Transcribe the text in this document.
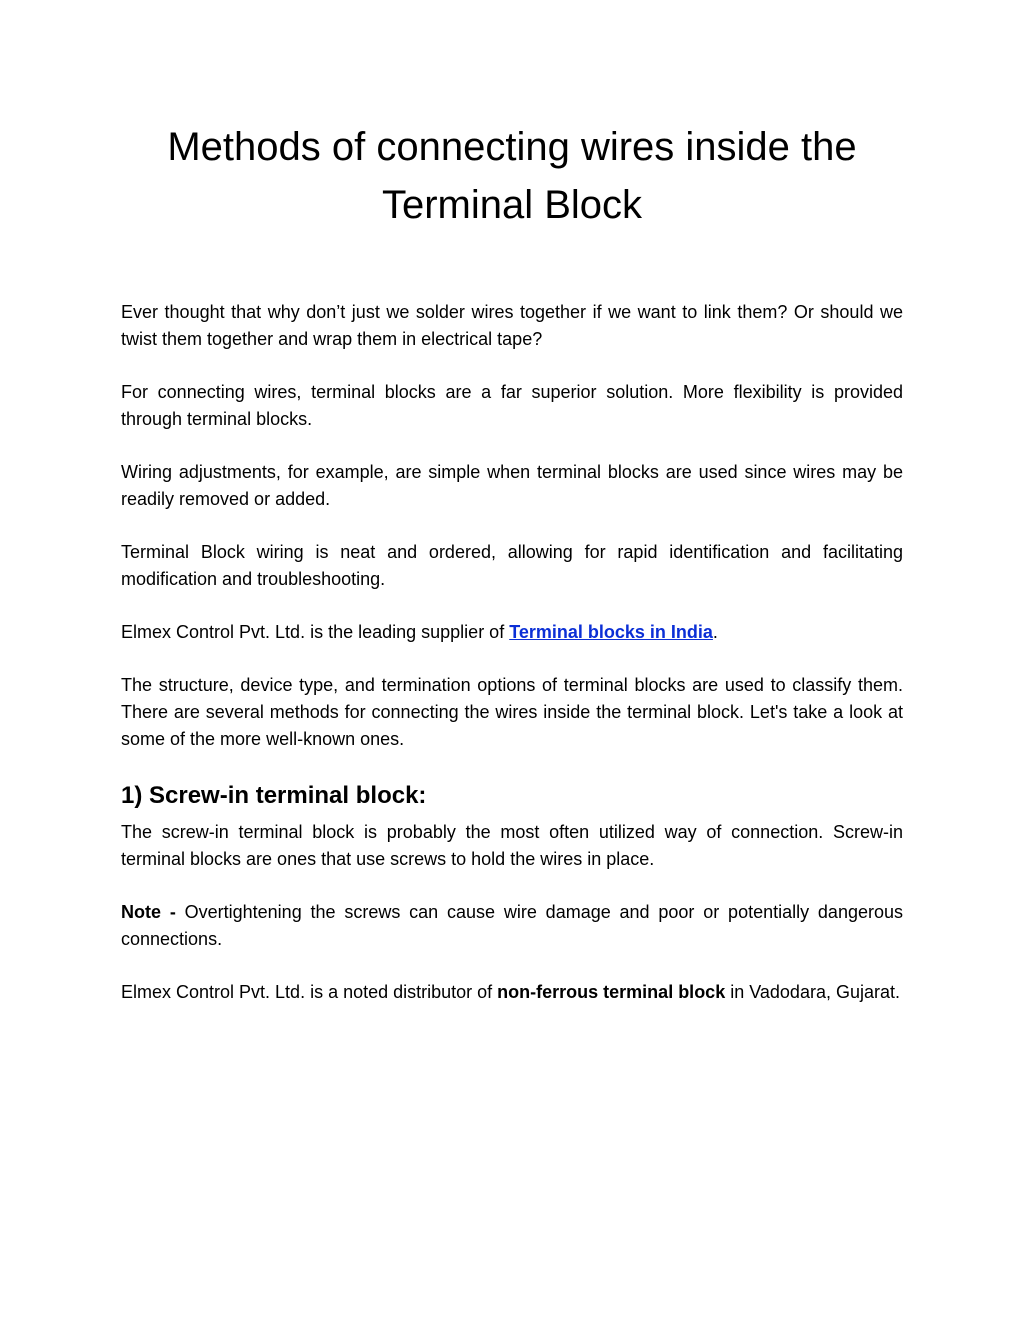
Methods of connecting wires inside the
Terminal Block

Ever thought that why don’t just we solder wires together if we want to link them? Or should we twist them together and wrap them in electrical tape?

For connecting wires, terminal blocks are a far superior solution. More flexibility is provided through terminal blocks.

Wiring adjustments, for example, are simple when terminal blocks are used since wires may be readily removed or added.

Terminal Block wiring is neat and ordered, allowing for rapid identification and facilitating modification and troubleshooting.

Elmex Control Pvt. Ltd. is the leading supplier of Terminal blocks in India.

The structure, device type, and termination options of terminal blocks are used to classify them. There are several methods for connecting the wires inside the terminal block. Let's take a look at some of the more well-known ones.

1) Screw-in terminal block:

The screw-in terminal block is probably the most often utilized way of connection. Screw-in terminal blocks are ones that use screws to hold the wires in place.

Note - Overtightening the screws can cause wire damage and poor or potentially dangerous connections.

Elmex Control Pvt. Ltd. is a noted distributor of non-ferrous terminal block in Vadodara, Gujarat.
